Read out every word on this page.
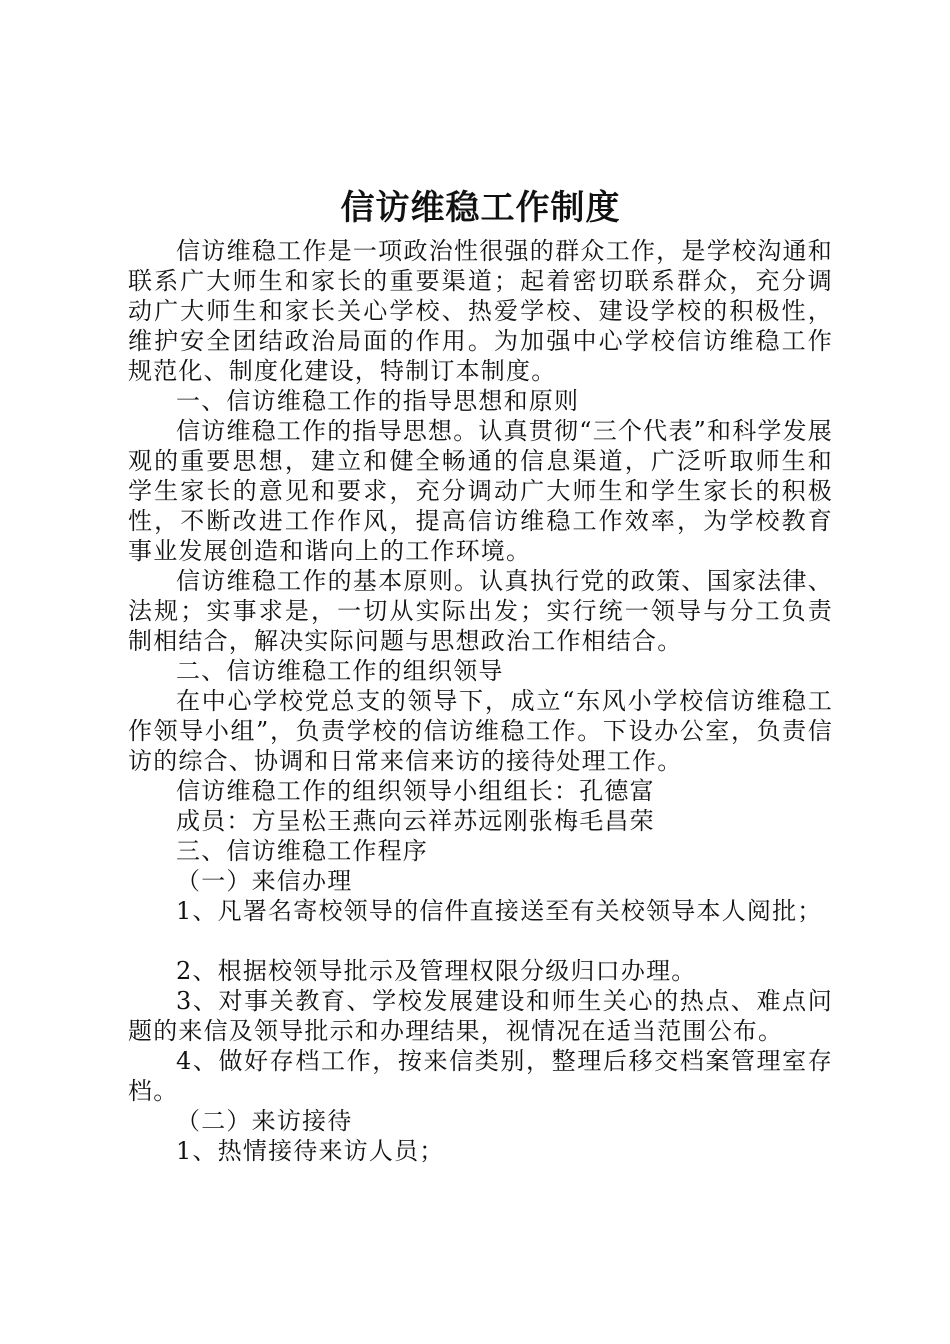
信访维稳工作制度

信访维稳工作是一项政治性很强的群众工作，是学校沟通和联系广大师生和家长的重要渠道；起着密切联系群众，充分调动广大师生和家长关心学校、热爱学校、建设学校的积极性，维护安全团结政治局面的作用。为加强中心学校信访维稳工作规范化、制度化建设，特制订本制度。

一、信访维稳工作的指导思想和原则

信访维稳工作的指导思想。认真贯彻“三个代表”和科学发展观的重要思想，建立和健全畅通的信息渠道，广泛听取师生和学生家长的意见和要求，充分调动广大师生和学生家长的积极性，不断改进工作作风，提高信访维稳工作效率，为学校教育事业发展创造和谐向上的工作环境。

信访维稳工作的基本原则。认真执行党的政策、国家法律、法规；实事求是，一切从实际出发；实行统一领导与分工负责制相结合，解决实际问题与思想政治工作相结合。

二、信访维稳工作的组织领导

在中心学校党总支的领导下，成立“东风小学校信访维稳工作领导小组”，负责学校的信访维稳工作。下设办公室，负责信访的综合、协调和日常来信来访的接待处理工作。

信访维稳工作的组织领导小组组长：孔德富

成员：方呈松王燕向云祥苏远刚张梅毛昌荣

三、信访维稳工作程序

（一）来信办理

1、凡署名寄校领导的信件直接送至有关校领导本人阅批；

2、根据校领导批示及管理权限分级归口办理。

3、对事关教育、学校发展建设和师生关心的热点、难点问题的来信及领导批示和办理结果，视情况在适当范围公布。

4、做好存档工作，按来信类别，整理后移交档案管理室存档。

（二）来访接待

1、热情接待来访人员；
